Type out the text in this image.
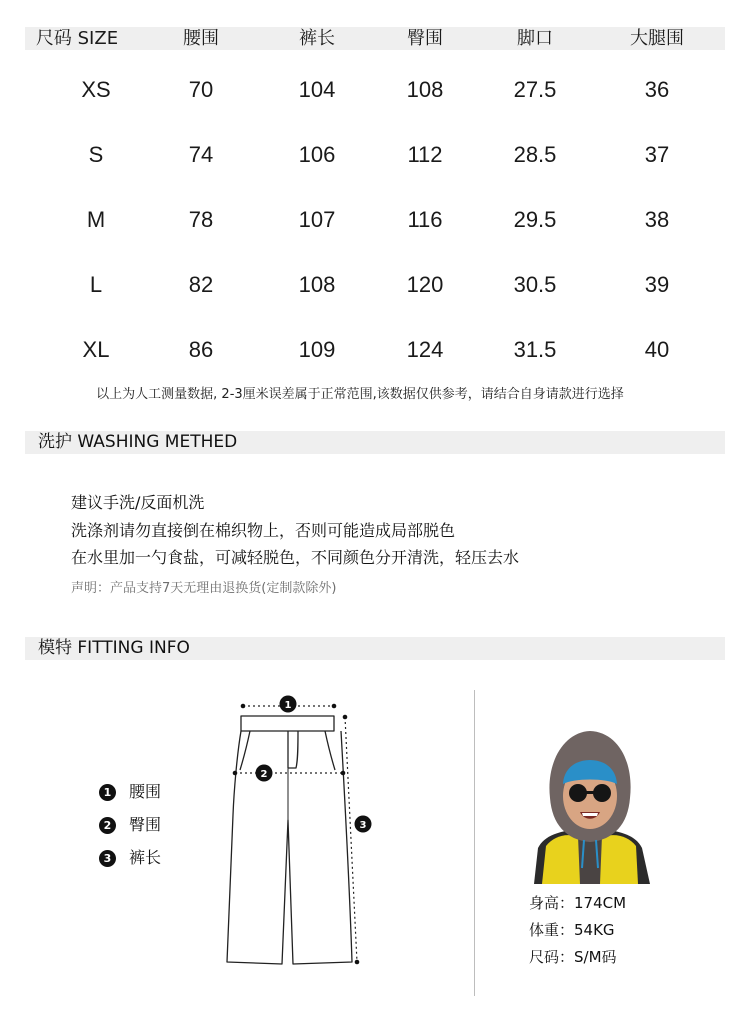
尺码 SIZE	腰围	裤长	臀围	脚口	大腿围
XS	70	104	108	27.5	36
S	74	106	112	28.5	37
M	78	107	116	29.5	38
L	82	108	120	30.5	39
XL	86	109	124	31.5	40
以上为人工测量数据, 2-3厘米误差属于正常范围,该数据仅供参考，请结合自身请款进行选择
洗护 WASHING METHED
建议手洗/反面机洗
洗涤剂请勿直接倒在棉织物上，否则可能造成局部脱色
在水里加一勺食盐，可减轻脱色，不同颜色分开清洗，轻压去水
声明：产品支持7天无理由退换货(定制款除外)
模特 FITTING INFO
1 腰围
2 臀围
3 裤长
1
2
3
身高：174CM
体重：54KG
尺码：S/M码
